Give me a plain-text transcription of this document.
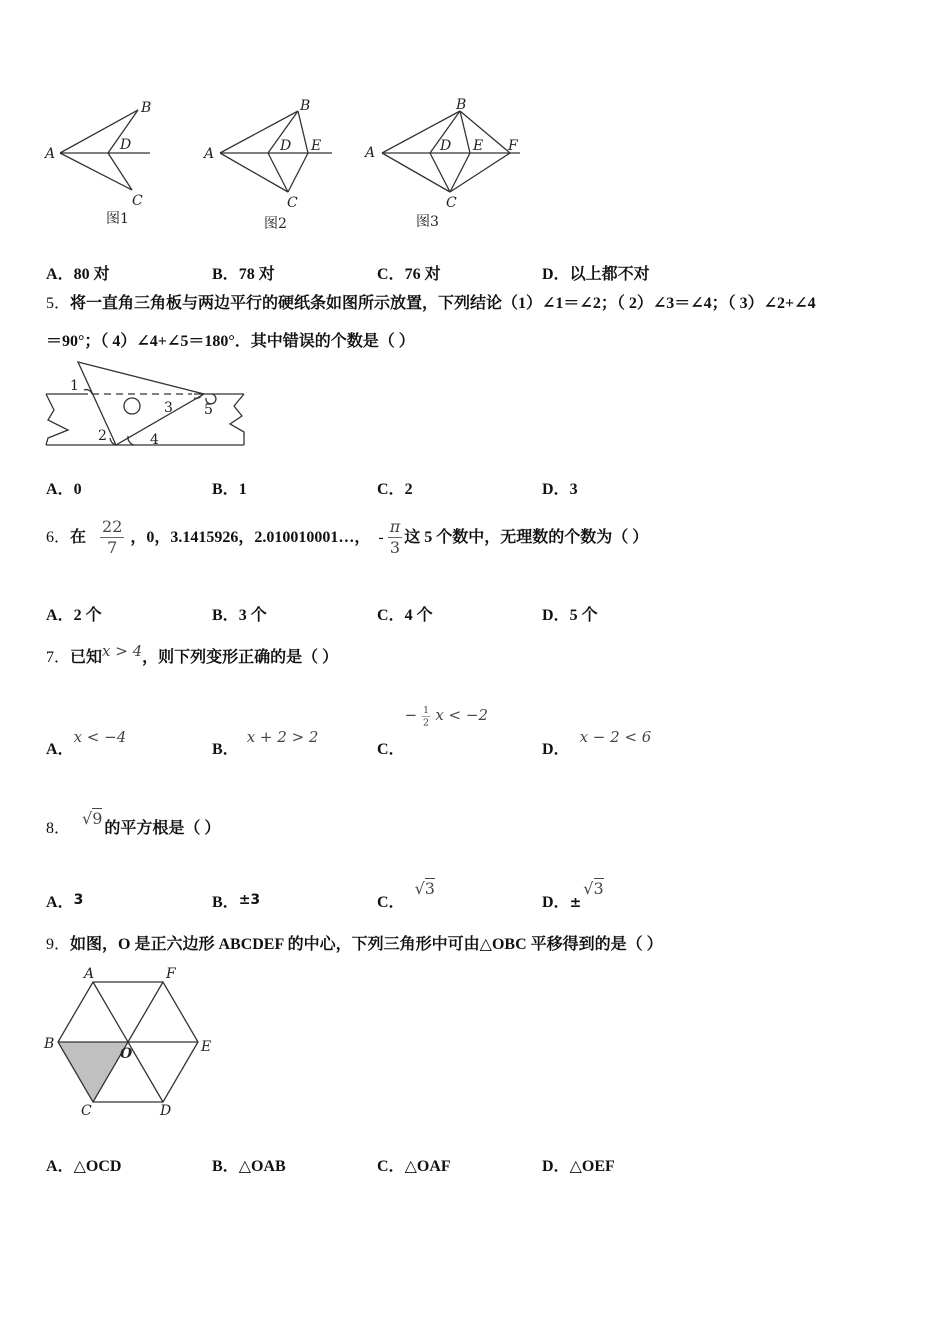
A
B
D
C
图1
A
B
D E
C
图2
A
B
D E F
C
图3
A．80 对	B．78 对	C．76 对	D．以上都不对
5．将一直角三角板与两边平行的硬纸条如图所示放置，下列结论（1）∠1＝∠2；（ 2）∠3＝∠4；（ 3）∠2+∠4
＝90°；（ 4）∠4+∠5＝180°．其中错误的个数是（ ）
1
2
3
4
5
A．0	B．1	C．2	D．3
6． 在 $\frac{22}{7}$ ，0，3.1415926，2.010010001…， - $\frac{\pi}{3}$ 这 5 个数中，无理数的个数为（ ）
A．2 个	B．3 个	C．4 个	D．5 个
7．已知x > 4，则下列变形正确的是（ ）
A．x < −4
B．x + 2 > 2
C．
− $\frac{1}{2}$ x < −2
D．x − 2 < 6
8．
√9
的平方根是（ ）
A．3	B．±3	C．√3
D．±√3
9．如图，O 是正六边形 ABCDEF 的中心，下列三角形中可由△OBC 平移得到的是（ ）
A	F
B
O	E
C	D
A．△OCD	B．△OAB	C．△OAF	D．△OEF
